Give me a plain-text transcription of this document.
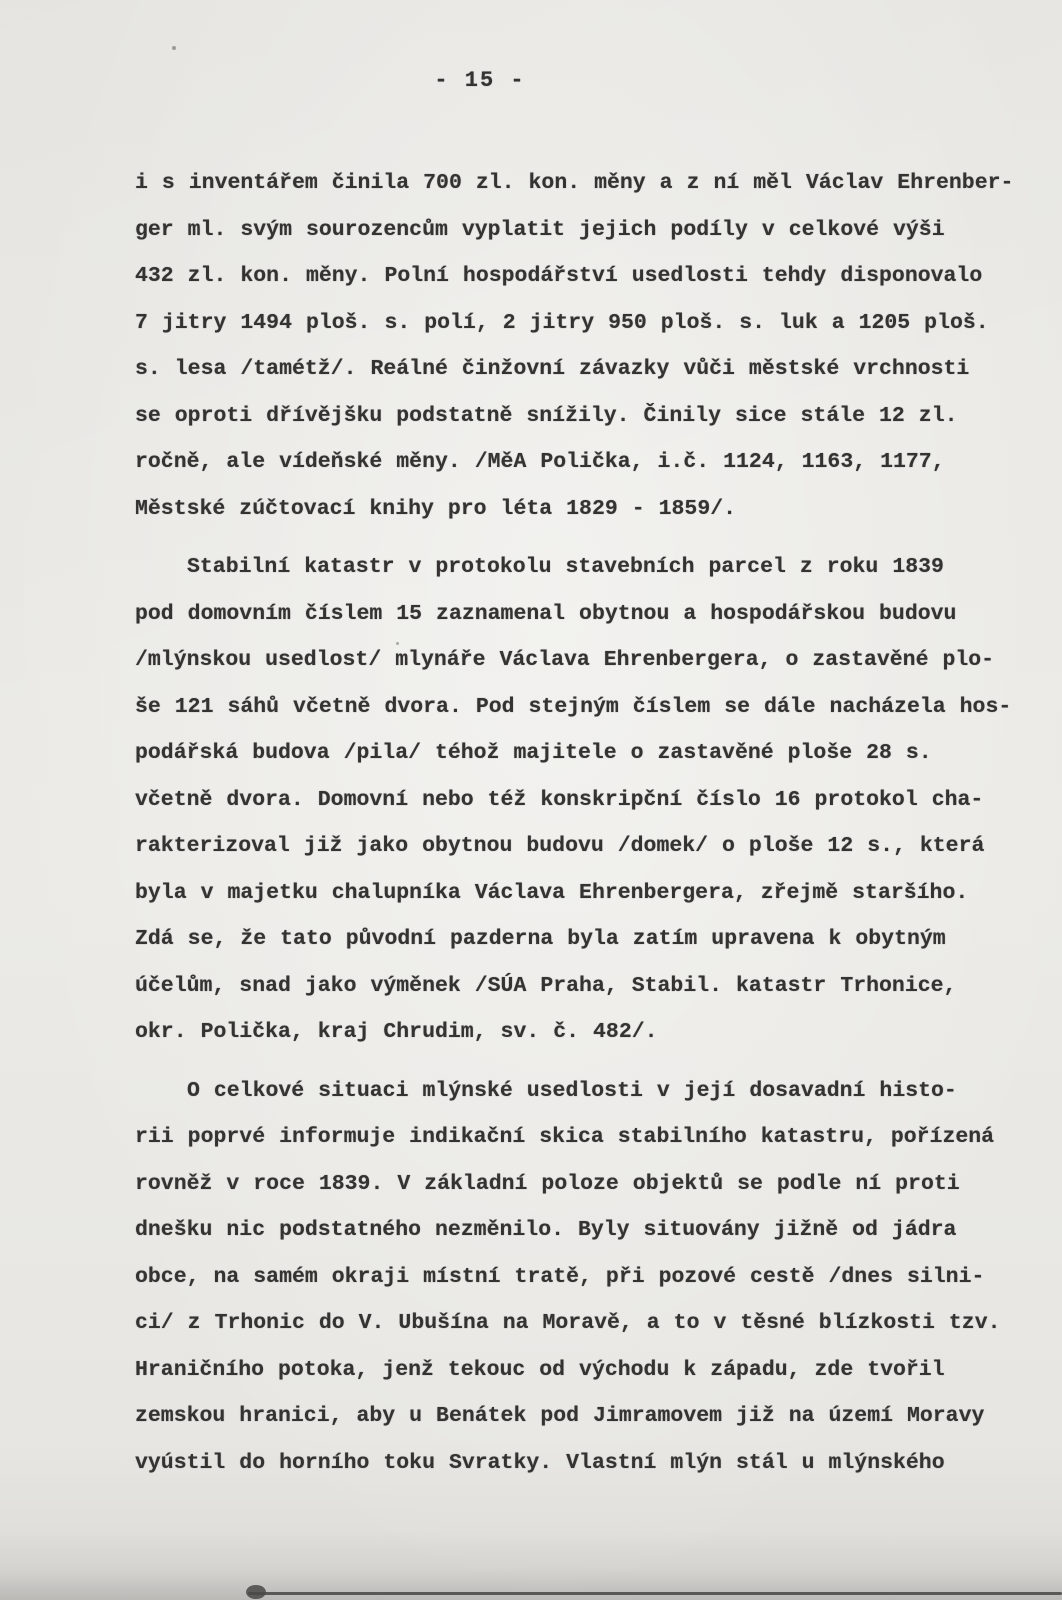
- 15 -

i s inventářem činila 700 zl. kon. měny a z ní měl Václav Ehrenber-
ger ml. svým sourozencům vyplatit jejich podíly v celkové výši
432 zl. kon. měny. Polní hospodářství usedlosti tehdy disponovalo
7 jitry 1494 ploš. s. polí, 2 jitry 950 ploš. s. luk a 1205 ploš.
s. lesa /tamétž/. Reálné činžovní závazky vůči městské vrchnosti
se oproti dřívějšku podstatně snížily. Činily sice stále 12 zl.
ročně, ale vídeňské měny. /MěA Polička, i.č. 1124, 1163, 1177,
Městské zúčtovací knihy pro léta 1829 - 1859/.

Stabilní katastr v protokolu stavebních parcel z roku 1839
pod domovním číslem 15 zaznamenal obytnou a hospodářskou budovu
/mlýnskou usedlost/ mlynáře Václava Ehrenbergera, o zastavěné plo-
še 121 sáhů včetně dvora. Pod stejným číslem se dále nacházela hos-
podářská budova /pila/ téhož majitele o zastavěné ploše 28 s.
včetně dvora. Domovní nebo též konskripční číslo 16 protokol cha-
rakterizoval již jako obytnou budovu /domek/ o ploše 12 s., která
byla v majetku chalupníka Václava Ehrenbergera, zřejmě staršího.
Zdá se, že tato původní pazderna byla zatím upravena k obytným
účelům, snad jako výměnek /SÚA Praha, Stabil. katastr Trhonice,
okr. Polička, kraj Chrudim, sv. č. 482/.

O celkové situaci mlýnské usedlosti v její dosavadní histo-
rii poprvé informuje indikační skica stabilního katastru, pořízená
rovněž v roce 1839. V základní poloze objektů se podle ní proti
dnešku nic podstatného nezměnilo. Byly situovány jižně od jádra
obce, na samém okraji místní tratě, při pozové cestě /dnes silni-
ci/ z Trhonic do V. Ubušína na Moravě, a to v těsné blízkosti tzv.
Hraničního potoka, jenž tekouc od východu k západu, zde tvořil
zemskou hranici, aby u Benátek pod Jimramovem již na území Moravy
vyústil do horního toku Svratky. Vlastní mlýn stál u mlýnského
